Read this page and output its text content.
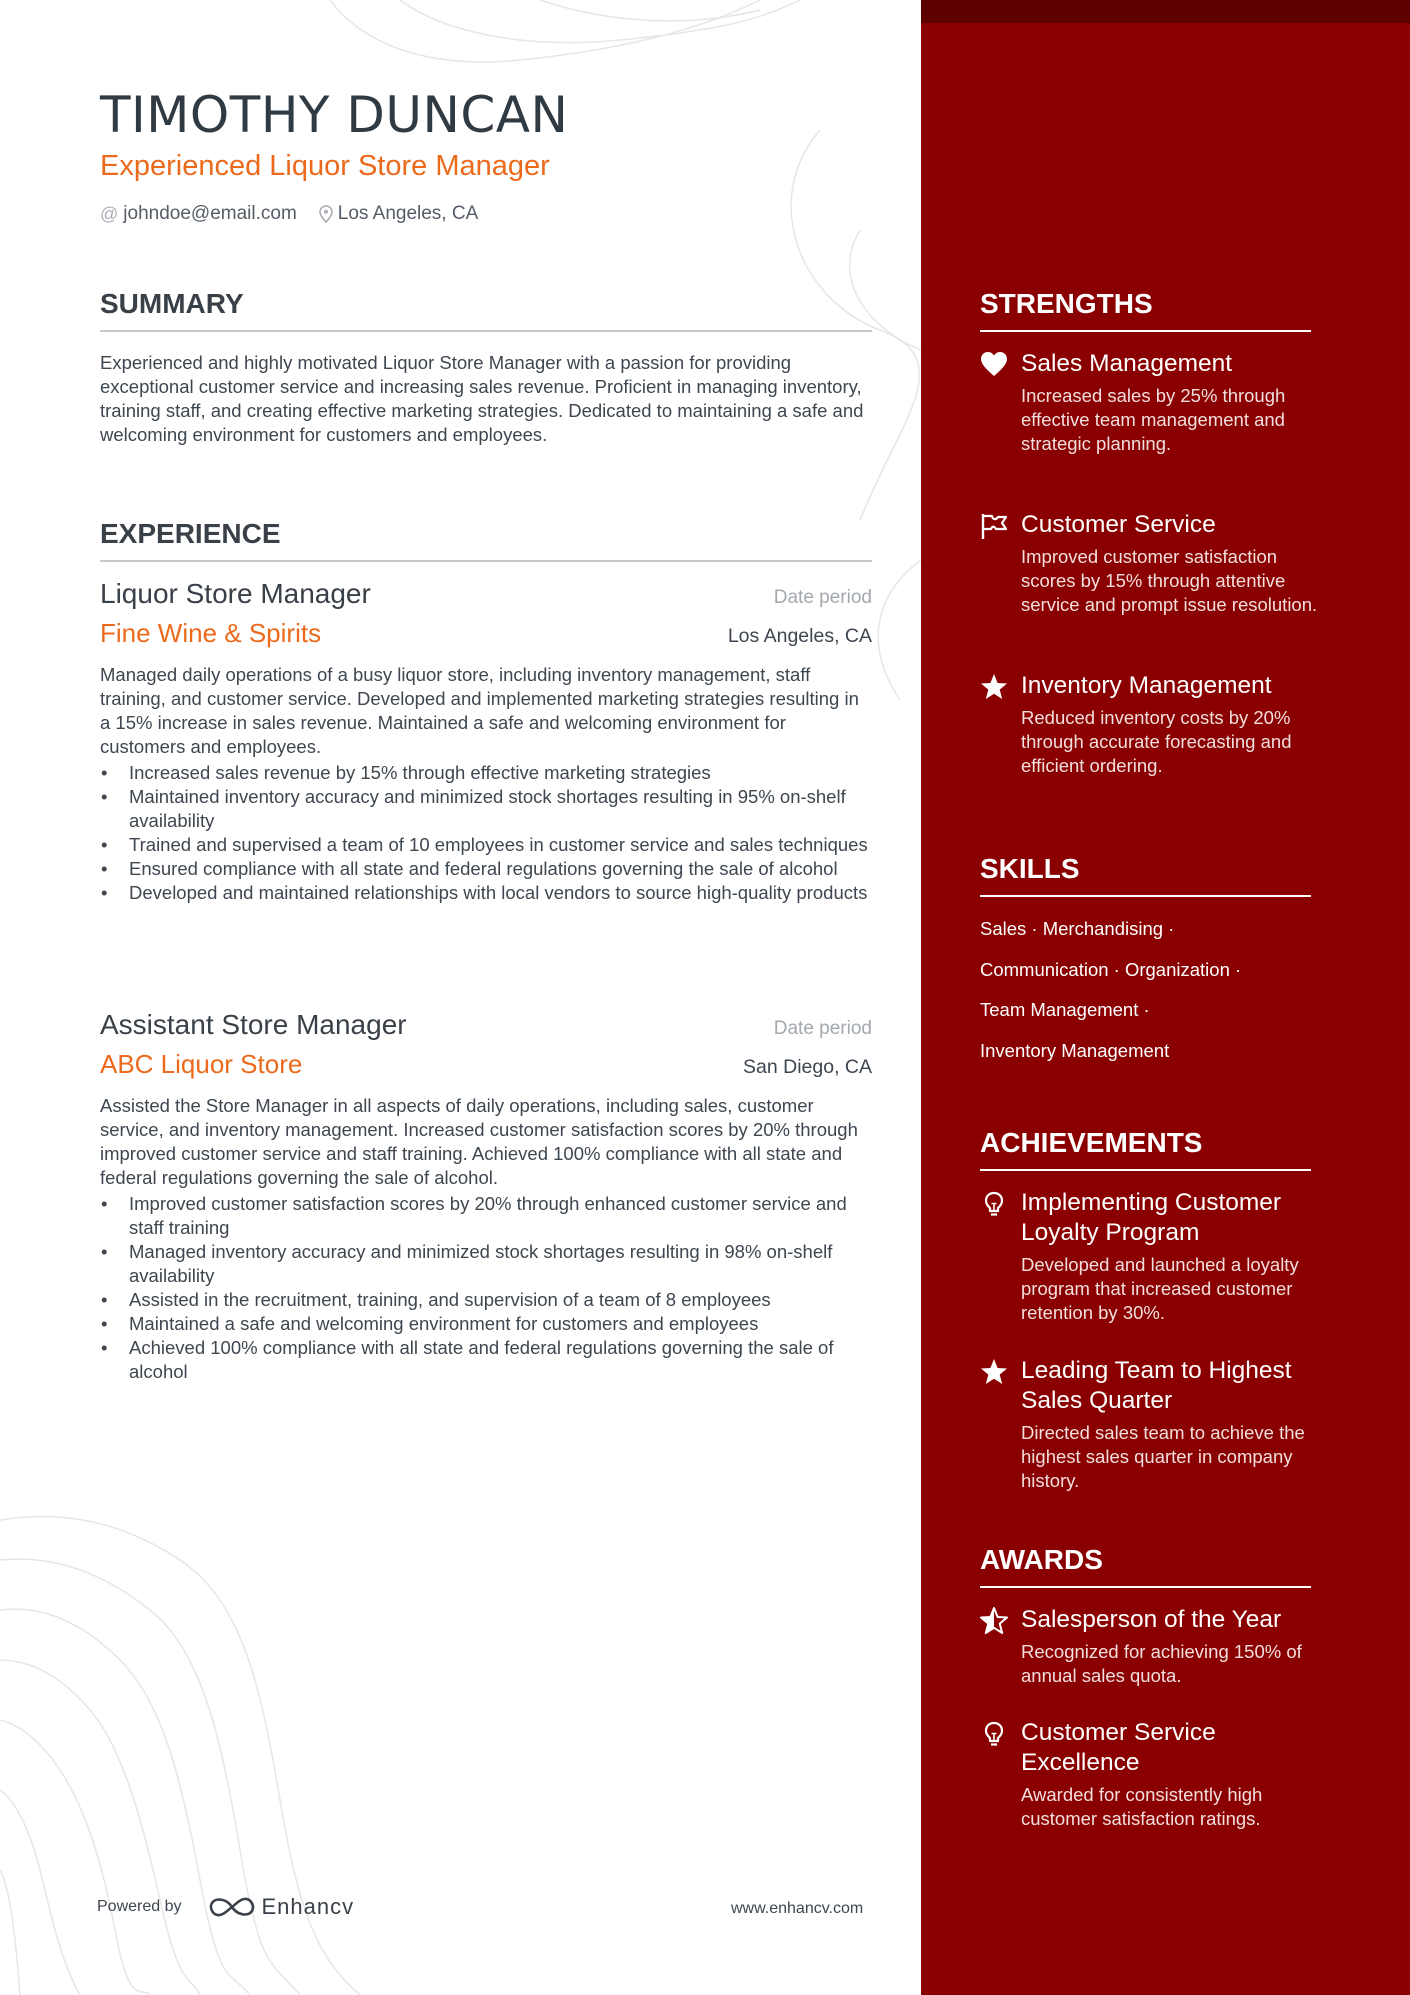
TIMOTHY DUNCAN
Experienced Liquor Store Manager
@ johndoe@email.com Los Angeles, CA
SUMMARY

Experienced and highly motivated Liquor Store Manager with a passion for providing exceptional customer service and increasing sales revenue. Proficient in managing inventory, training staff, and creating effective marketing strategies. Dedicated to maintaining a safe and welcoming environment for customers and employees.

EXPERIENCE
Liquor Store Manager	Date period
Fine Wine & Spirits	Los Angeles, CA

Managed daily operations of a busy liquor store, including inventory management, staff training, and customer service. Developed and implemented marketing strategies resulting in a 15% increase in sales revenue. Maintained a safe and welcoming environment for customers and employees.

• Increased sales revenue by 15% through effective marketing strategies
• Maintained inventory accuracy and minimized stock shortages resulting in 95% on-shelf availability
• Trained and supervised a team of 10 employees in customer service and sales techniques
• Ensured compliance with all state and federal regulations governing the sale of alcohol
• Developed and maintained relationships with local vendors to source high-quality products
Assistant Store Manager	Date period
ABC Liquor Store	San Diego, CA

Assisted the Store Manager in all aspects of daily operations, including sales, customer service, and inventory management. Increased customer satisfaction scores by 20% through improved customer service and staff training. Achieved 100% compliance with all state and federal regulations governing the sale of alcohol.

• Improved customer satisfaction scores by 20% through enhanced customer service and staff training
• Managed inventory accuracy and minimized stock shortages resulting in 98% on-shelf availability
• Assisted in the recruitment, training, and supervision of a team of 8 employees
• Maintained a safe and welcoming environment for customers and employees
• Achieved 100% compliance with all state and federal regulations governing the sale of alcohol
Powered by	Enhancv	www.enhancv.com
STRENGTHS
Sales Management
Increased sales by 25% through effective team management and strategic planning.
Customer Service
Improved customer satisfaction scores by 15% through attentive service and prompt issue resolution.
Inventory Management
Reduced inventory costs by 20% through accurate forecasting and efficient ordering.
SKILLS
Sales · Merchandising ·
Communication · Organization ·
Team Management ·
Inventory Management
ACHIEVEMENTS
Implementing Customer Loyalty Program
Developed and launched a loyalty program that increased customer retention by 30%.
Leading Team to Highest Sales Quarter
Directed sales team to achieve the highest sales quarter in company history.
AWARDS
Salesperson of the Year
Recognized for achieving 150% of annual sales quota.
Customer Service Excellence
Awarded for consistently high customer satisfaction ratings.
